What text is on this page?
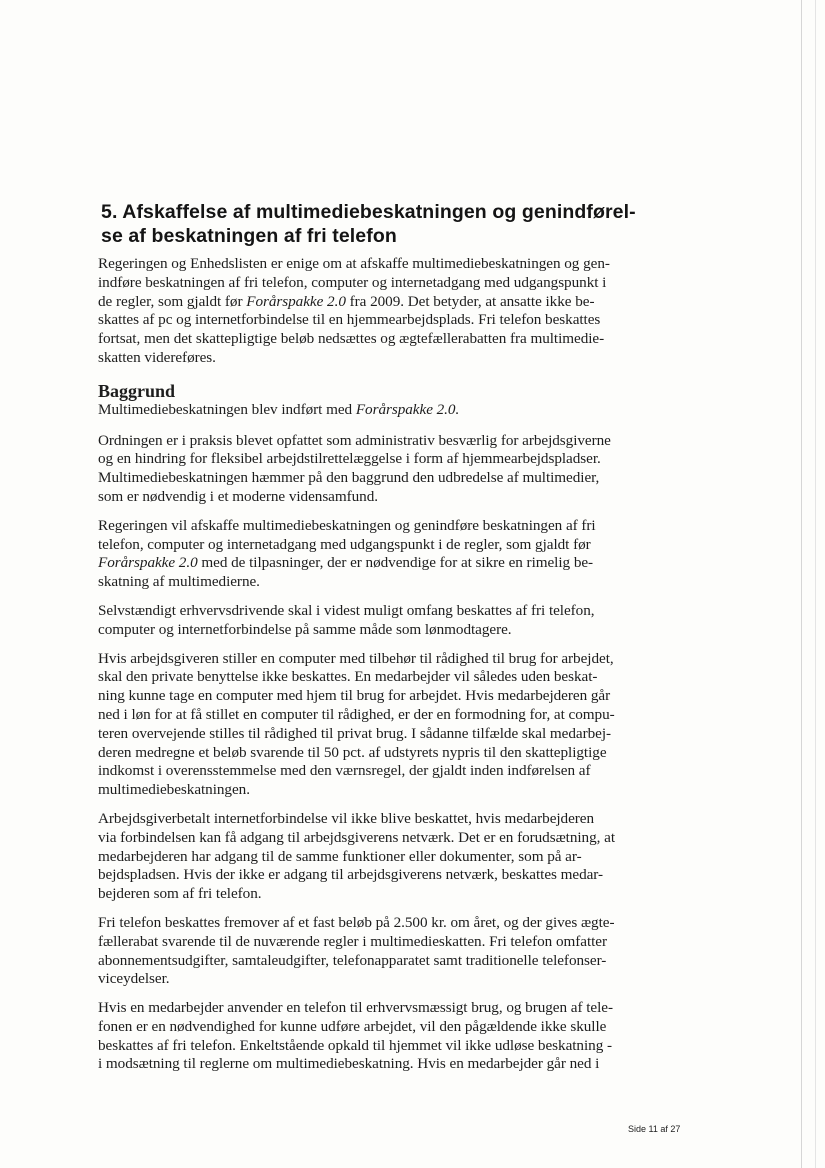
5. Afskaffelse af multimediebeskatningen og genindførel-
se af beskatningen af fri telefon

Regeringen og Enhedslisten er enige om at afskaffe multimediebeskatningen og gen-
indføre beskatningen af fri telefon, computer og internetadgang med udgangspunkt i
de regler, som gjaldt før Forårspakke 2.0 fra 2009. Det betyder, at ansatte ikke be-
skattes af pc og internetforbindelse til en hjemmearbejdsplads. Fri telefon beskattes
fortsat, men det skattepligtige beløb nedsættes og ægtefællerabatten fra multimedie-
skatten videreføres.

Baggrund

Multimediebeskatningen blev indført med Forårspakke 2.0.

Ordningen er i praksis blevet opfattet som administrativ besværlig for arbejdsgiverne
og en hindring for fleksibel arbejdstilrettelæggelse i form af hjemmearbejdspladser.
Multimediebeskatningen hæmmer på den baggrund den udbredelse af multimedier,
som er nødvendig i et moderne vidensamfund.

Regeringen vil afskaffe multimediebeskatningen og genindføre beskatningen af fri
telefon, computer og internetadgang med udgangspunkt i de regler, som gjaldt før
Forårspakke 2.0 med de tilpasninger, der er nødvendige for at sikre en rimelig be-
skatning af multimedierne.

Selvstændigt erhvervsdrivende skal i videst muligt omfang beskattes af fri telefon,
computer og internetforbindelse på samme måde som lønmodtagere.

Hvis arbejdsgiveren stiller en computer med tilbehør til rådighed til brug for arbejdet,
skal den private benyttelse ikke beskattes. En medarbejder vil således uden beskat-
ning kunne tage en computer med hjem til brug for arbejdet. Hvis medarbejderen går
ned i løn for at få stillet en computer til rådighed, er der en formodning for, at compu-
teren overvejende stilles til rådighed til privat brug. I sådanne tilfælde skal medarbej-
deren medregne et beløb svarende til 50 pct. af udstyrets nypris til den skattepligtige
indkomst i overensstemmelse med den værnsregel, der gjaldt inden indførelsen af
multimediebeskatningen.

Arbejdsgiverbetalt internetforbindelse vil ikke blive beskattet, hvis medarbejderen
via forbindelsen kan få adgang til arbejdsgiverens netværk. Det er en forudsætning, at
medarbejderen har adgang til de samme funktioner eller dokumenter, som på ar-
bejdspladsen. Hvis der ikke er adgang til arbejdsgiverens netværk, beskattes medar-
bejderen som af fri telefon.

Fri telefon beskattes fremover af et fast beløb på 2.500 kr. om året, og der gives ægte-
fællerabat svarende til de nuværende regler i multimedieskatten. Fri telefon omfatter
abonnementsudgifter, samtaleudgifter, telefonapparatet samt traditionelle telefonser-
viceydelser.

Hvis en medarbejder anvender en telefon til erhvervsmæssigt brug, og brugen af tele-
fonen er en nødvendighed for kunne udføre arbejdet, vil den pågældende ikke skulle
beskattes af fri telefon. Enkeltstående opkald til hjemmet vil ikke udløse beskatning -
i modsætning til reglerne om multimediebeskatning. Hvis en medarbejder går ned i

Side 11 af 27
